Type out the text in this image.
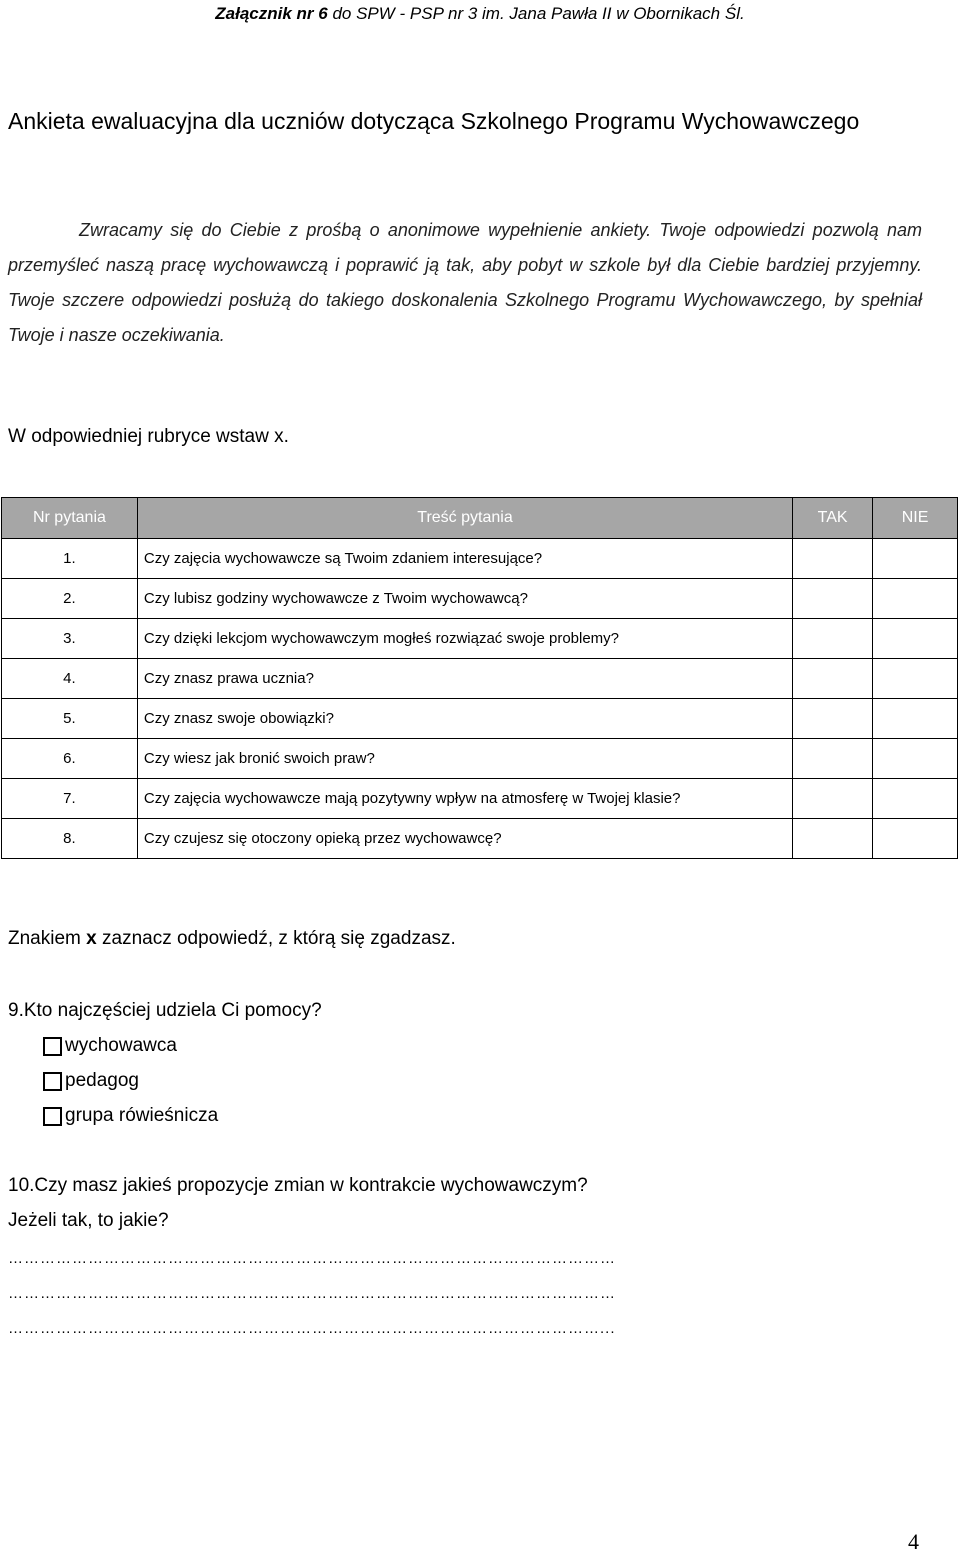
Załącznik nr 6 do SPW - PSP nr 3 im. Jana Pawła II w Obornikach Śl.
Ankieta ewaluacyjna dla uczniów dotycząca Szkolnego Programu Wychowawczego

Zwracamy się do Ciebie z prośbą o anonimowe wypełnienie ankiety. Twoje odpowiedzi pozwolą nam przemyśleć naszą pracę wychowawczą i poprawić ją tak, aby pobyt w szkole był dla Ciebie bardziej przyjemny. Twoje szczere odpowiedzi posłużą do takiego doskonalenia Szkolnego Programu Wychowawczego, by spełniał Twoje i nasze oczekiwania.

W odpowiedniej rubryce wstaw x.
Nr pytania	Treść pytania	TAK	NIE
1.	Czy zajęcia wychowawcze są Twoim zdaniem interesujące?		
2.	Czy lubisz godziny wychowawcze z Twoim wychowawcą?		
3.	Czy dzięki lekcjom wychowawczym mogłeś rozwiązać swoje problemy?		
4.	Czy znasz prawa ucznia?		
5.	Czy znasz swoje obowiązki?		
6.	Czy wiesz jak bronić swoich praw?		
7.	Czy zajęcia wychowawcze mają pozytywny wpływ na atmosferę w Twojej klasie?		
8.	Czy czujesz się otoczony opieką przez wychowawcę?		
Znakiem x zaznacz odpowiedź, z którą się zgadzasz.
9.Kto najczęściej udziela Ci pomocy?
wychowawca
pedagog
grupa rówieśnicza
10.Czy masz jakieś propozycje zmian w kontrakcie wychowawczym?
Jeżeli tak, to jakie?
……………………………………………………………………………………………………
……………………………………………………………………………………………………
…………………………………………………………………………………………………...
4
